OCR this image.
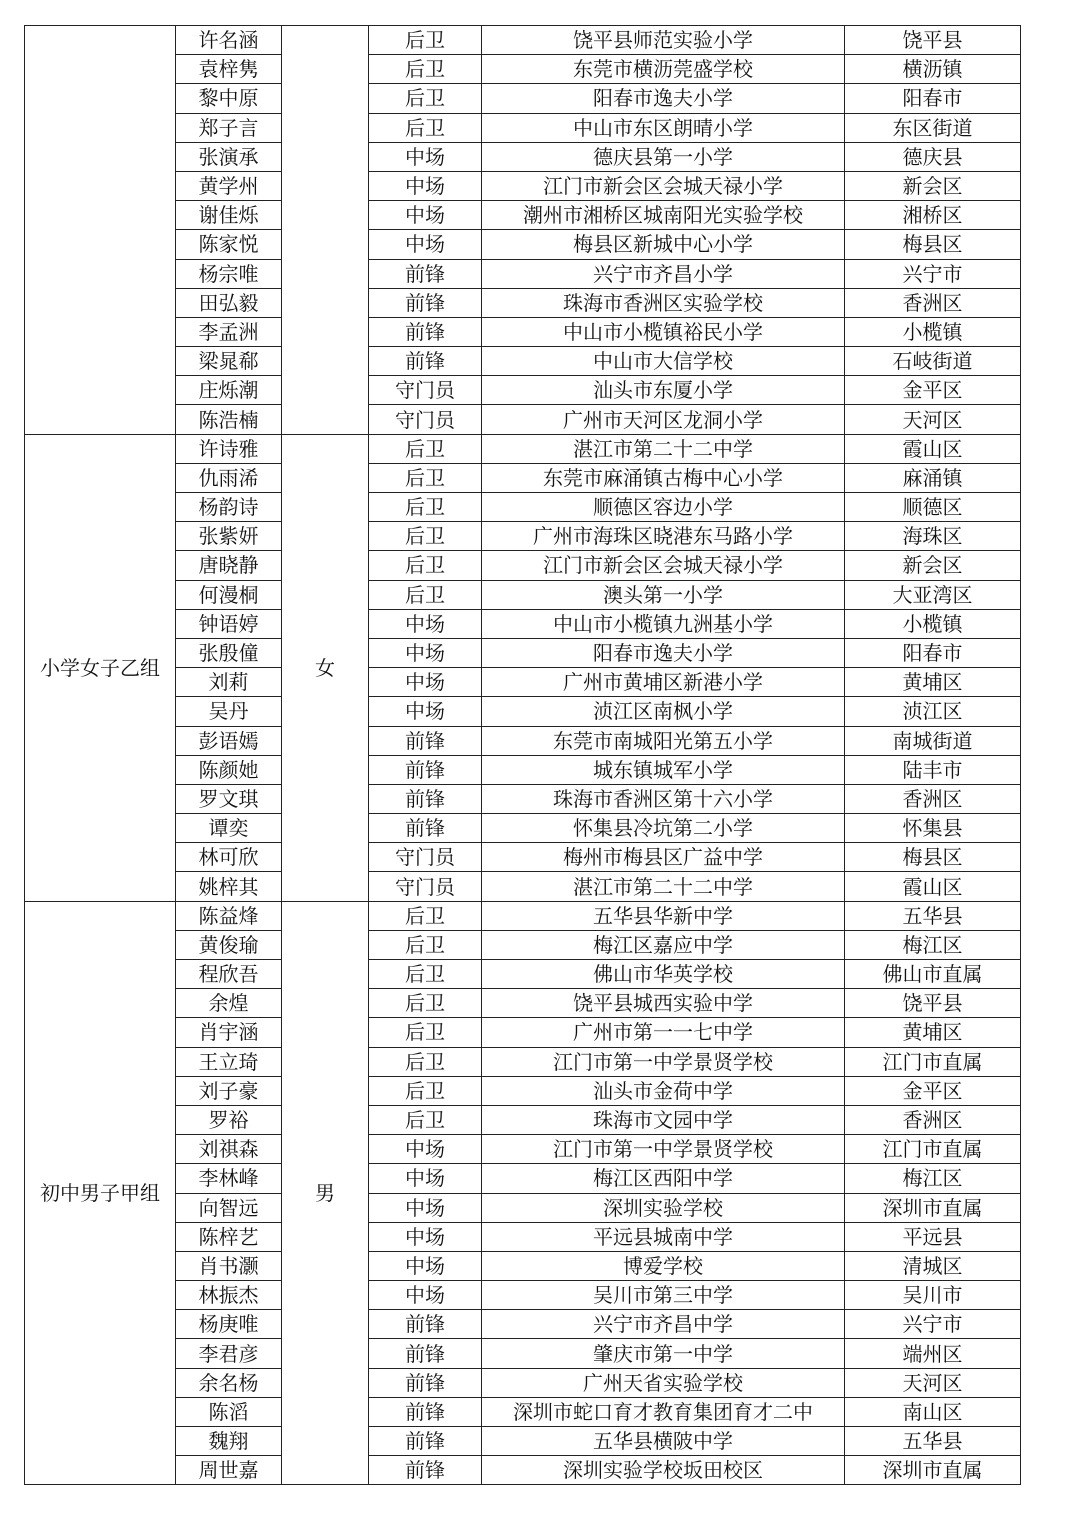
	许名涵		后卫	饶平县师范实验小学	饶平县
	袁梓隽		后卫	东莞市横沥莞盛学校	横沥镇
	黎中原		后卫	阳春市逸夫小学	阳春市
	郑子言		后卫	中山市东区朗晴小学	东区街道
	张演承		中场	德庆县第一小学	德庆县
	黄学州		中场	江门市新会区会城天禄小学	新会区
	谢佳烁		中场	潮州市湘桥区城南阳光实验学校	湘桥区
	陈家悦		中场	梅县区新城中心小学	梅县区
	杨宗唯		前锋	兴宁市齐昌小学	兴宁市
	田弘毅		前锋	珠海市香洲区实验学校	香洲区
	李孟洲		前锋	中山市小榄镇裕民小学	小榄镇
	梁晁郗		前锋	中山市大信学校	石岐街道
	庄烁潮		守门员	汕头市东厦小学	金平区
	陈浩楠		守门员	广州市天河区龙洞小学	天河区
小学女子乙组	许诗雅	女	后卫	湛江市第二十二中学	霞山区
	仇雨浠		后卫	东莞市麻涌镇古梅中心小学	麻涌镇
	杨韵诗		后卫	顺德区容边小学	顺德区
	张紫妍		后卫	广州市海珠区晓港东马路小学	海珠区
	唐晓静		后卫	江门市新会区会城天禄小学	新会区
	何漫桐		后卫	澳头第一小学	大亚湾区
	钟语婷		中场	中山市小榄镇九洲基小学	小榄镇
	张殷僮		中场	阳春市逸夫小学	阳春市
	刘莉		中场	广州市黄埔区新港小学	黄埔区
	吴丹		中场	浈江区南枫小学	浈江区
	彭语嫣		前锋	东莞市南城阳光第五小学	南城街道
	陈颜她		前锋	城东镇城军小学	陆丰市
	罗文琪		前锋	珠海市香洲区第十六小学	香洲区
	谭奕		前锋	怀集县冷坑第二小学	怀集县
	林可欣		守门员	梅州市梅县区广益中学	梅县区
	姚梓其		守门员	湛江市第二十二中学	霞山区
初中男子甲组	陈益烽	男	后卫	五华县华新中学	五华县
	黄俊瑜		后卫	梅江区嘉应中学	梅江区
	程欣吾		后卫	佛山市华英学校	佛山市直属
	余煌		后卫	饶平县城西实验中学	饶平县
	肖宇涵		后卫	广州市第一一七中学	黄埔区
	王立琦		后卫	江门市第一中学景贤学校	江门市直属
	刘子豪		后卫	汕头市金荷中学	金平区
	罗裕		后卫	珠海市文园中学	香洲区
	刘祺森		中场	江门市第一中学景贤学校	江门市直属
	李林峰		中场	梅江区西阳中学	梅江区
	向智远		中场	深圳实验学校	深圳市直属
	陈梓艺		中场	平远县城南中学	平远县
	肖书灏		中场	博爱学校	清城区
	林振杰		中场	吴川市第三中学	吴川市
	杨庚唯		前锋	兴宁市齐昌中学	兴宁市
	李君彦		前锋	肇庆市第一中学	端州区
	余名杨		前锋	广州天省实验学校	天河区
	陈滔		前锋	深圳市蛇口育才教育集团育才二中	南山区
	魏翔		前锋	五华县横陂中学	五华县
	周世嘉		前锋	深圳实验学校坂田校区	深圳市直属
